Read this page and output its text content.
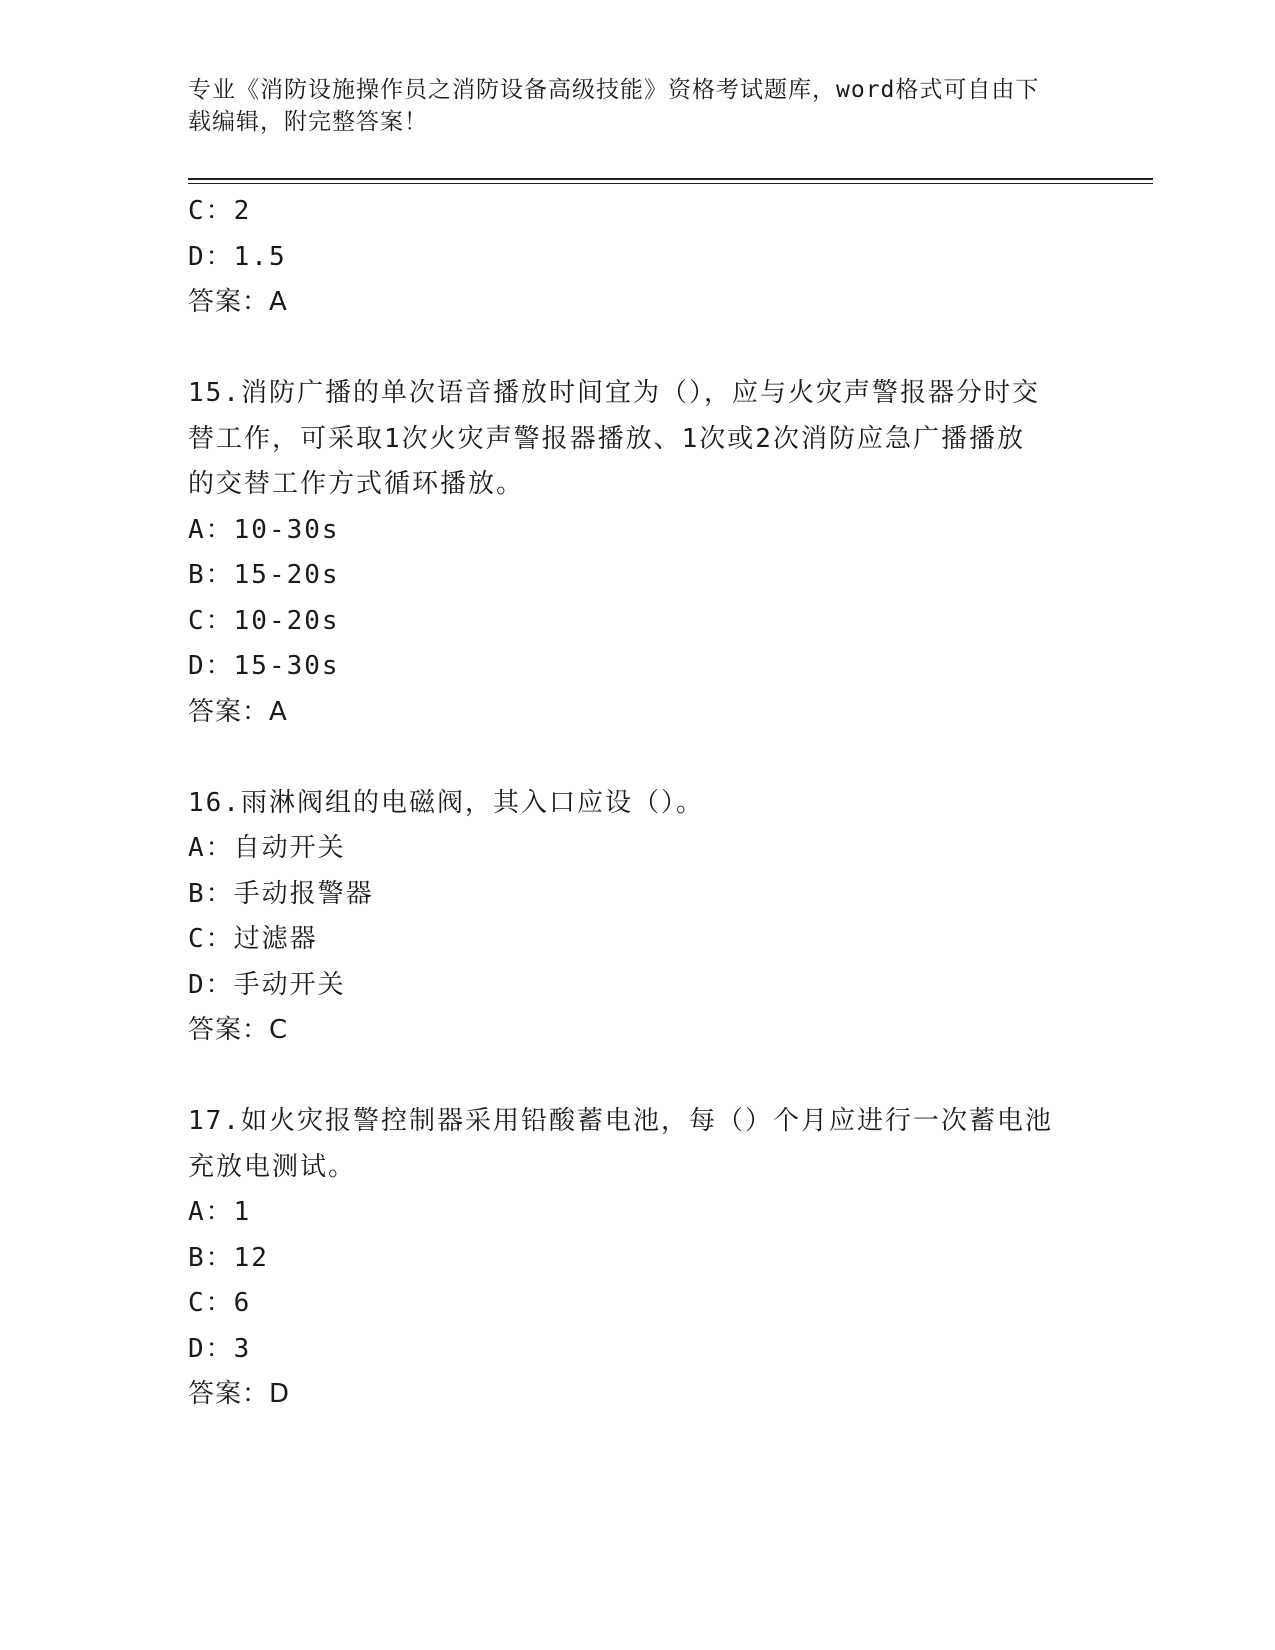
专业《消防设施操作员之消防设备高级技能》资格考试题库，word格式可自由下
载编辑，附完整答案！
C：2
D：1.5
答案：A
15.消防广播的单次语音播放时间宜为（），应与火灾声警报器分时交
替工作，可采取1次火灾声警报器播放、1次或2次消防应急广播播放
的交替工作方式循环播放。
A：10-30s
B：15-20s
C：10-20s
D：15-30s
答案：A
16.雨淋阀组的电磁阀，其入口应设（）。
A：自动开关
B：手动报警器
C：过滤器
D：手动开关
答案：C
17.如火灾报警控制器采用铅酸蓄电池，每（）个月应进行一次蓄电池
充放电测试。
A：1
B：12
C：6
D：3
答案：D
